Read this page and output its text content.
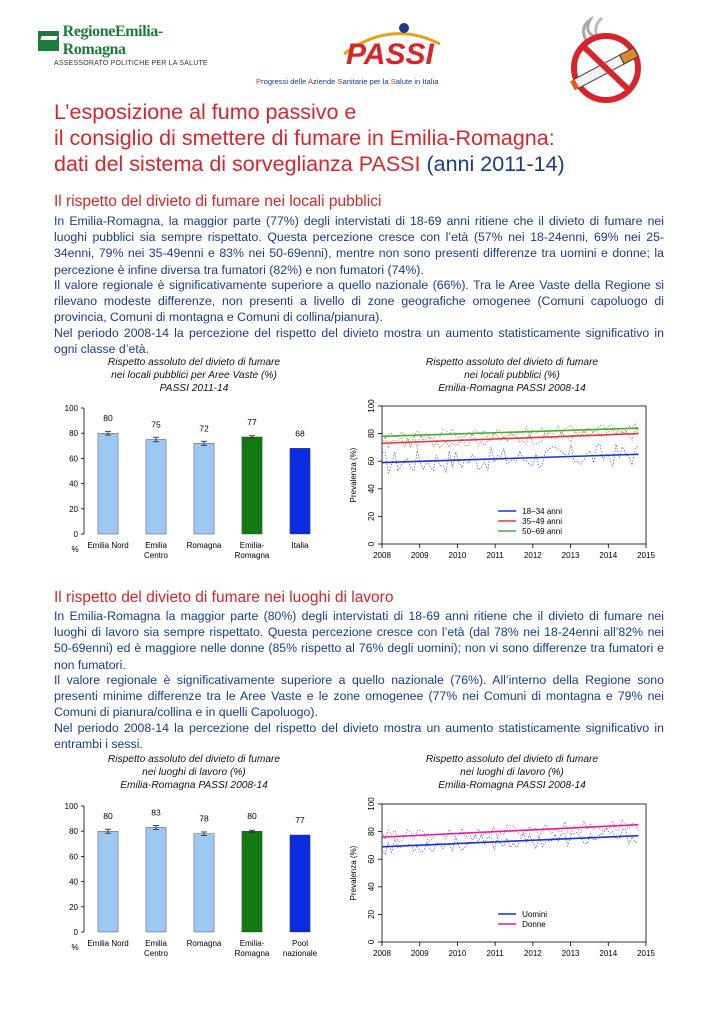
RegioneEmilia-Romagna
ASSESSORATO POLITICHE PER LA SALUTE	PASSI
Progressi delle Aziende Sanitarie per la Salute in Italia
L’esposizione al fumo passivo e
il consiglio di smettere di fumare in Emilia-Romagna:
dati del sistema di sorveglianza PASSI (anni 2011-14)
Il rispetto del divieto di fumare nei locali pubblici

In Emilia-Romagna, la maggior parte (77%) degli intervistati di 18-69 anni ritiene che il divieto di fumare nei luoghi pubblici sia sempre rispettato. Questa percezione cresce con l’età (57% nei 18-24enni, 69% nei 25-34enni, 79% nei 35-49enni e 83% nei 50-69enni), mentre non sono presenti differenze tra uomini e donne; la percezione è infine diversa tra fumatori (82%) e non fumatori (74%).

Il valore regionale è significativamente superiore a quello nazionale (66%). Tra le Aree Vaste della Regione si rilevano modeste differenze, non presenti a livello di zone geografiche omogenee (Comuni capoluogo di provincia, Comuni di montagna e Comuni di collina/pianura).

Nel periodo 2008-14 la percezione del rispetto del divieto mostra un aumento statisticamente significativo in ogni classe d’età.

Rispetto assoluto del divieto di fumare
nei locali pubblici per Aree Vaste (%)
PASSI 2011-14
0
20
40
60
80
100
%
80
Emilia Nord
75
Emilia
Centro
72
Romagna
77
Emilia-
Romagna
68
Italia
Rispetto assoluto del divieto di fumare
nei locali pubblici (%)
Emilia-Romagna PASSI 2008-14
2008 2009 2010	2011	2012 2013 2014 2015
0
20
40
60
80
100
Prevalenza (%)
18−34 anni
35−49 anni
50−69 anni
Il rispetto del divieto di fumare nei luoghi di lavoro

In Emilia-Romagna la maggior parte (80%) degli intervistati di 18-69 anni ritiene che il divieto di fumare nei luoghi di lavoro sia sempre rispettato. Questa percezione cresce con l’età (dal 78% nei 18-24enni all’82% nei 50-69enni) ed è maggiore nelle donne (85% rispetto al 76% degli uomini); non vi sono differenze tra fumatori e non fumatori.

Il valore regionale è significativamente superiore a quello nazionale (76%). All’interno della Regione sono presenti minime differenze tra le Aree Vaste e le zone omogenee (77% nei Comuni di montagna e 79% nei Comuni di pianura/collina e in quelli Capoluogo).

Nel periodo 2008-14 la percezione del rispetto del divieto mostra un aumento statisticamente significativo in entrambi i sessi.

Rispetto assoluto del divieto di fumare
nei luoghi di lavoro (%)
Emilia-Romagna PASSI 2008-14
0
20
40
60
80
100
%
80
Emilia Nord
83
Emilia
Centro
78
Romagna
80
Emilia-
Romagna
77
Pool
nazionale
Rispetto assoluto del divieto di fumare
nei luoghi di lavoro (%)
Emilia-Romagna PASSI 2008-14
2008 2009 2010	2011	2012 2013 2014 2015
0
20
40
60
80
100
Prevalenza (%)
Uomini
Donne
